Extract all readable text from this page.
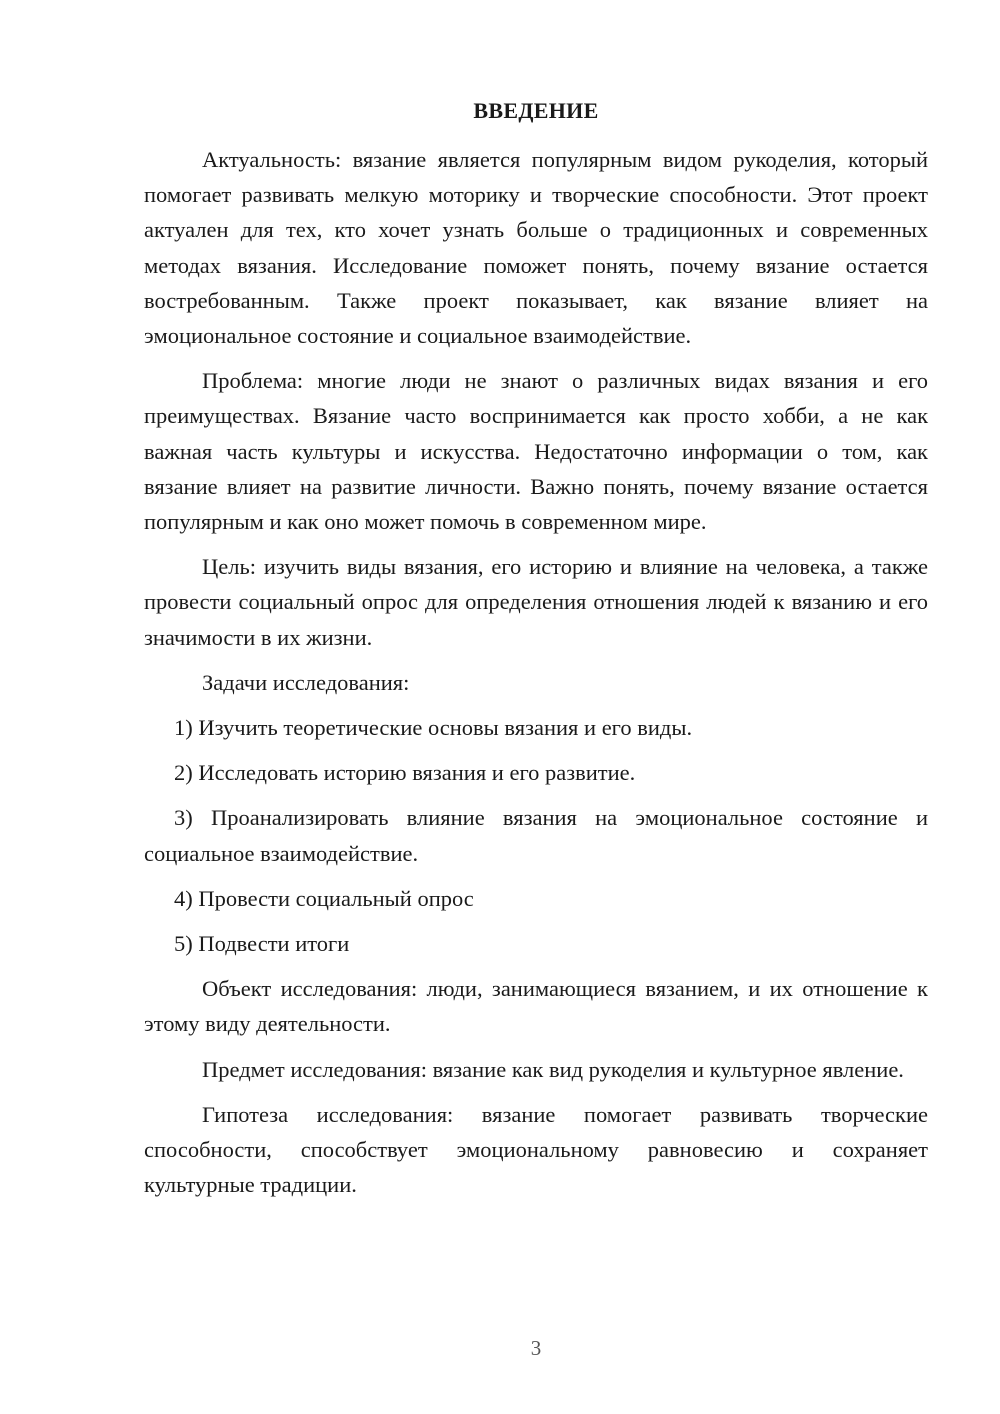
ВВЕДЕНИЕ

Актуальность: вязание является популярным видом рукоделия, который помогает развивать мелкую моторику и творческие способности. Этот проект актуален для тех, кто хочет узнать больше о традиционных и современных методах вязания. Исследование поможет понять, почему вязание остается востребованным. Также проект показывает, как вязание влияет на эмоциональное состояние и социальное взаимодействие.

Проблема: многие люди не знают о различных видах вязания и его преимуществах. Вязание часто воспринимается как просто хобби, а не как важная часть культуры и искусства. Недостаточно информации о том, как вязание влияет на развитие личности. Важно понять, почему вязание остается популярным и как оно может помочь в современном мире.

Цель: изучить виды вязания, его историю и влияние на человека, а также провести социальный опрос для определения отношения людей к вязанию и его значимости в их жизни.

Задачи исследования:

1) Изучить теоретические основы вязания и его виды.

2) Исследовать историю вязания и его развитие.

3) Проанализировать влияние вязания на эмоциональное состояние и социальное взаимодействие.

4) Провести социальный опрос

5) Подвести итоги

Объект исследования: люди, занимающиеся вязанием, и их отношение к этому виду деятельности.

Предмет исследования: вязание как вид рукоделия и культурное явление.

Гипотеза исследования: вязание помогает развивать творческие способности, способствует эмоциональному равновесию и сохраняет культурные традиции.

3
